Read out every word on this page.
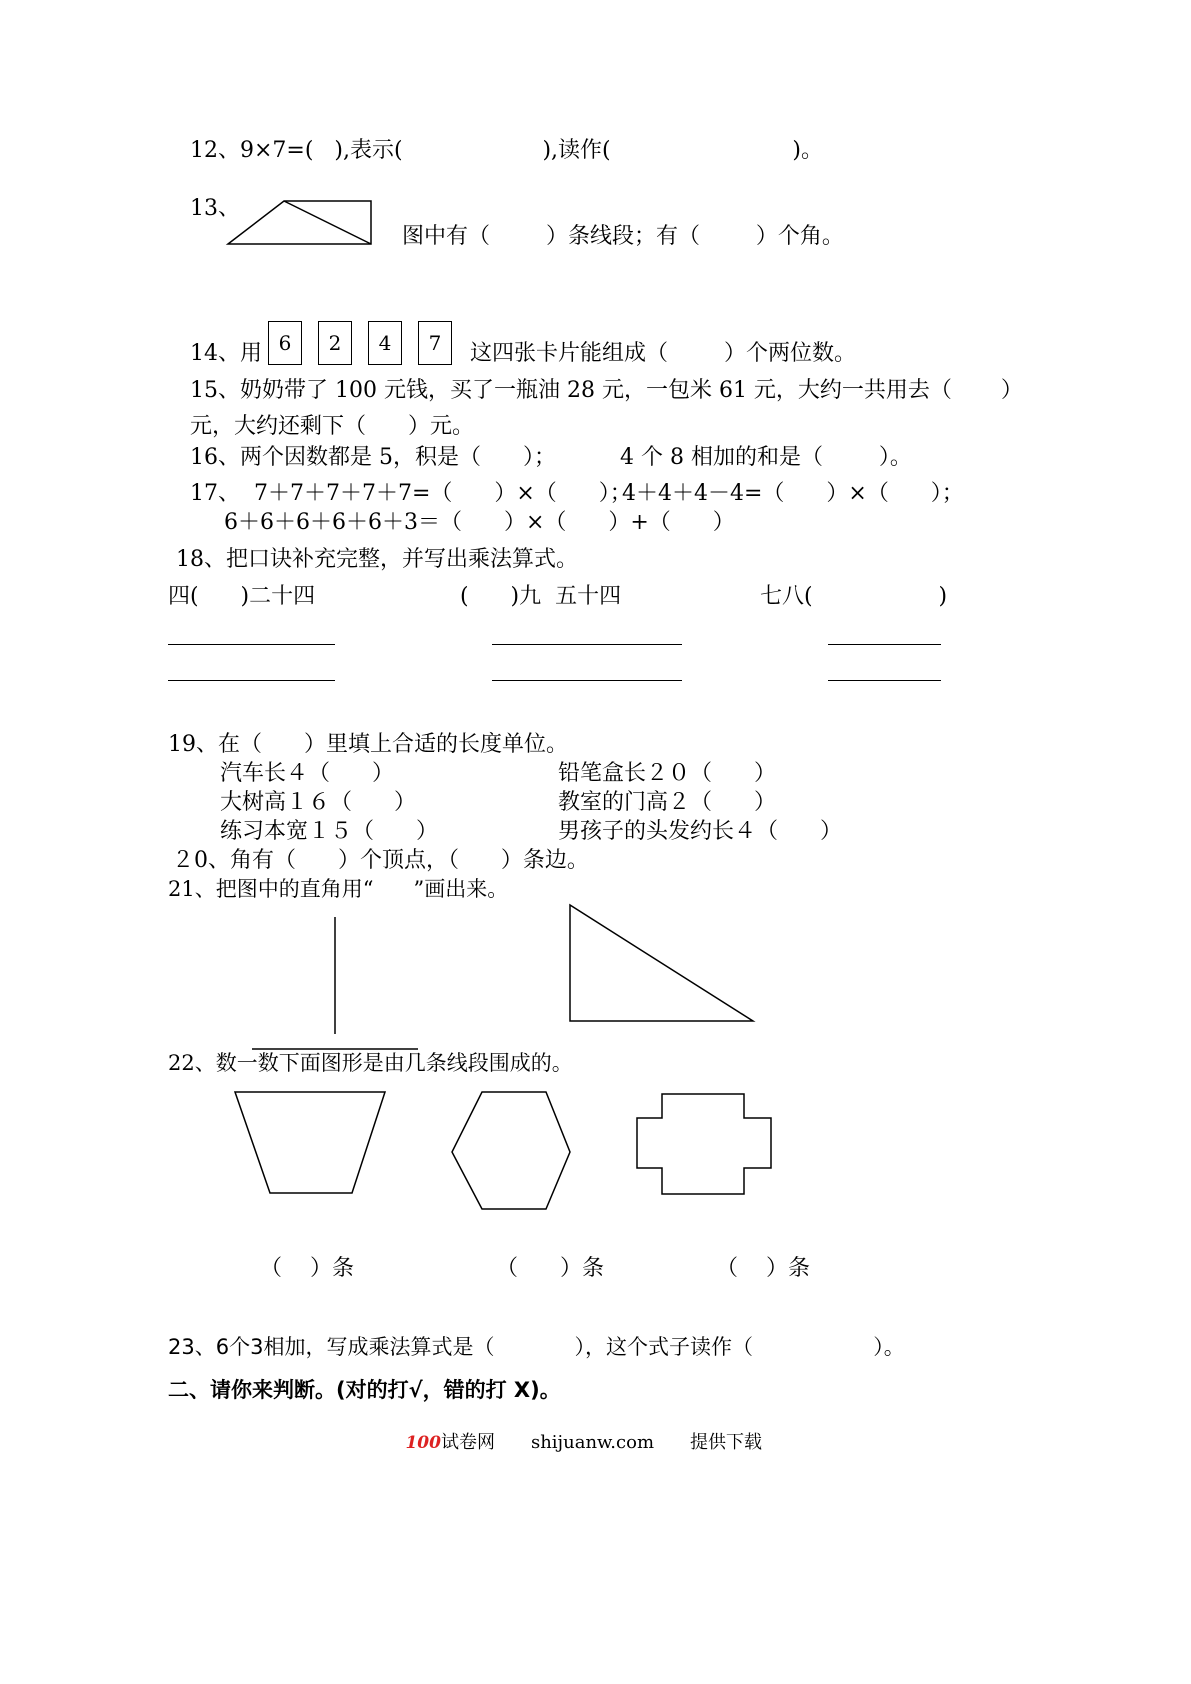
12、9×7=(   ),表示(                    ),读作(                          )。
13、
图中有（        ）条线段；有（        ）个角。
14、用 6	2	4	7	这四张卡片能组成（        ）个两位数。
15、奶奶带了 100 元钱，买了一瓶油 28 元，一包米 61 元，大约一共用去（       ）
元，大约还剩下（      ）元。
16、两个因数都是 5，积是（      ）；	4 个 8 相加的和是（        ）。
17、 7＋7＋7＋7＋7=（      ）×（      ）；
4＋4＋4－4=（      ）×（      ）；
6＋6＋6＋6＋6＋3＝（      ）×（      ）+（      ）
18、把口诀补充完整，并写出乘法算式。
四(      )二十四	(      )九  五十四	七八(                  )
19、在（      ）里填上合适的长度单位。
汽车长４（      ）	铅笔盒长２０（      ）
大树高１６（      ）	教室的门高２（      ）
练习本宽１５（      ）	男孩子的头发约长４（      ）
２0、角有（      ）个顶点，（      ）条边。
21、把图中的直角用“      ”画出来。
22、数一数下面图形是由几条线段围成的。
（    ）条	（      ）条	（    ）条
23、6个3相加，写成乘法算式是（            ），这个式子读作（                  ）。
二、请你来判断。(对的打√，错的打 X)。

100试卷网 shijuanw.com 提供下载
